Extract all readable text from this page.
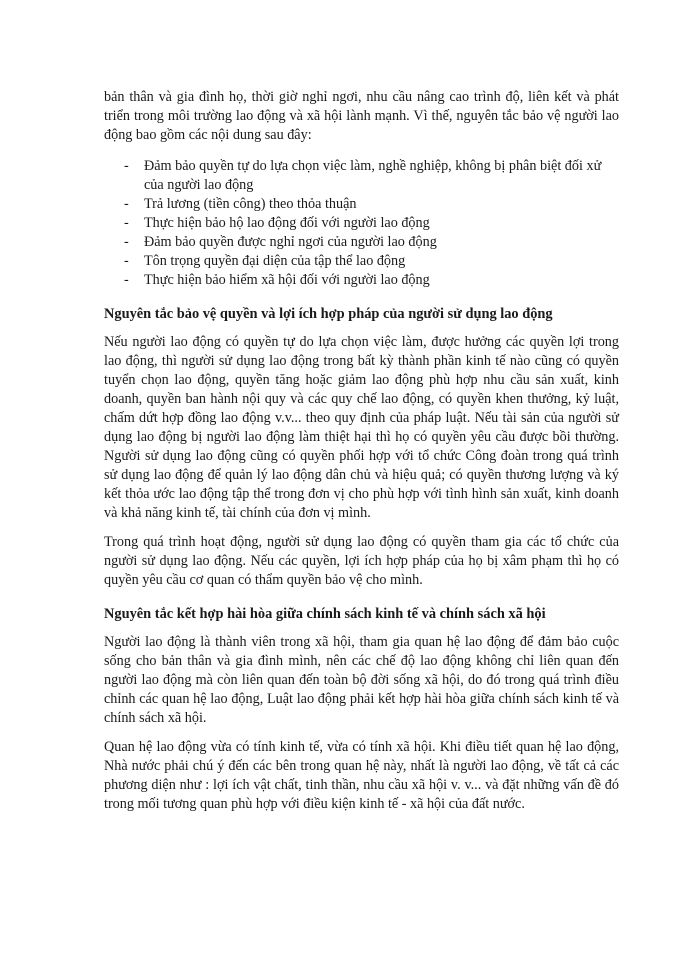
bản thân và gia đình họ, thời giờ nghỉ ngơi, nhu cầu nâng cao trình độ, liên kết và phát triển trong môi trường lao động và xã hội lành mạnh. Vì thế, nguyên tắc bảo vệ người lao động bao gồm các nội dung sau đây:

- Đảm bảo quyền tự do lựa chọn việc làm, nghề nghiệp, không bị phân biệt đối xử của người lao động
- Trả lương (tiền công) theo thỏa thuận
- Thực hiện bảo hộ lao động đối với người lao động
- Đảm bảo quyền được nghỉ ngơi của người lao động
- Tôn trọng quyền đại diện của tập thể lao động
- Thực hiện bảo hiểm xã hội đối với người lao động
Nguyên tắc bảo vệ quyền và lợi ích hợp pháp của người sử dụng lao động

Nếu người lao động có quyền tự do lựa chọn việc làm, được hưởng các quyền lợi trong lao động, thì người sử dụng lao động trong bất kỳ thành phần kinh tế nào cũng có quyền tuyển chọn lao động, quyền tăng hoặc giảm lao động phù hợp nhu cầu sản xuất, kinh doanh, quyền ban hành nội quy và các quy chế lao động, có quyền khen thưởng, kỷ luật, chấm dứt hợp đồng lao động v.v... theo quy định của pháp luật. Nếu tài sản của người sử dụng lao động bị người lao động làm thiệt hại thì họ có quyền yêu cầu được bồi thường. Người sử dụng lao động cũng có quyền phối hợp với tổ chức Công đoàn trong quá trình sử dụng lao động để quản lý lao động dân chủ và hiệu quả; có quyền thương lượng và ký kết thỏa ước lao động tập thể trong đơn vị cho phù hợp với tình hình sản xuất, kinh doanh và khả năng kinh tế, tài chính của đơn vị mình.

Trong quá trình hoạt động, người sử dụng lao động có quyền tham gia các tổ chức của người sử dụng lao động. Nếu các quyền, lợi ích hợp pháp của họ bị xâm phạm thì họ có quyền yêu cầu cơ quan có thẩm quyền bảo vệ cho mình.

Nguyên tắc kết hợp hài hòa giữa chính sách kinh tế và chính sách xã hội

Người lao động là thành viên trong xã hội, tham gia quan hệ lao động để đảm bảo cuộc sống cho bản thân và gia đình mình, nên các chế độ lao động không chỉ liên quan đến người lao động mà còn liên quan đến toàn bộ đời sống xã hội, do đó trong quá trình điều chỉnh các quan hệ lao động, Luật lao động phải kết hợp hài hòa giữa chính sách kinh tế và chính sách xã hội.

Quan hệ lao động vừa có tính kinh tế, vừa có tính xã hội. Khi điều tiết quan hệ lao động, Nhà nước phải chú ý đến các bên trong quan hệ này, nhất là người lao động, về tất cả các phương diện như : lợi ích vật chất, tinh thần, nhu cầu xã hội v. v... và đặt những vấn đề đó trong mối tương quan phù hợp với điều kiện kinh tế - xã hội của đất nước.
